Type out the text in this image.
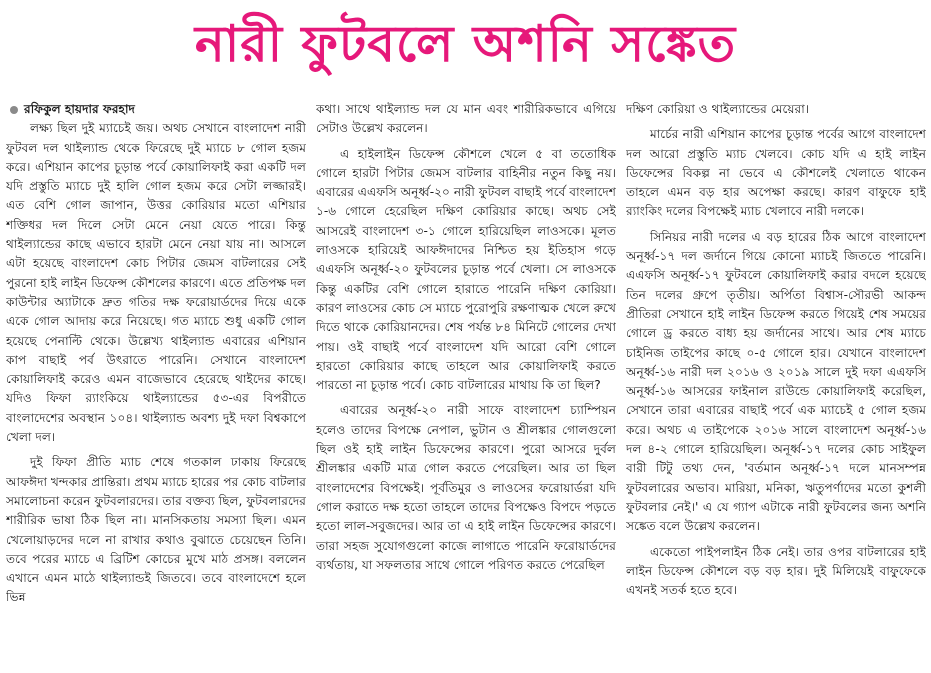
নারী ফুটবলে অশনি সঙ্কেত
রফিকুল হায়দার ফরহাদ

লক্ষ্য ছিল দুই ম্যাচেই জয়। অথচ সেখানে বাংলাদেশ নারী ফুটবল দল থাইল্যান্ড থেকে ফিরেছে দুই ম্যাচে ৮ গোল হজম করে। এশিয়ান কাপের চূড়ান্ত পর্বে কোয়ালিফাই করা একটি দল যদি প্রস্তুতি ম্যাচে দুই হালি গোল হজম করে সেটা লজ্জারই। এত বেশি গোল জাপান, উত্তর কোরিয়ার মতো এশিয়ার শক্তিধর দল দিলে সেটা মেনে নেয়া যেতে পারে। কিন্তু থাইল্যান্ডের কাছে এভাবে হারটা মেনে নেয়া যায় না। আসলে এটা হয়েছে বাংলাদেশ কোচ পিটার জেমস বাটলারের সেই পুরনো হাই লাইন ডিফেন্স কৌশলের কারণে। এতে প্রতিপক্ষ দল কাউন্টার অ্যাটাকে দ্রুত গতির দক্ষ ফরোয়ার্ডদের দিয়ে একে একে গোল আদায় করে নিয়েছে। গত ম্যাচে শুধু একটি গোল হয়েছে পেনাল্টি থেকে। উল্লেখ্য থাইল্যান্ড এবারের এশিয়ান কাপ বাছাই পর্ব উৎরাতে পারেনি। সেখানে বাংলাদেশ কোয়ালিফাই করেও এমন বাজেভাবে হেরেছে থাইদের কাছে। যদিও ফিফা র‌্যাংকিয়ে থাইল্যান্ডের ৫৩-এর বিপরীতে বাংলাদেশের অবস্থান ১০৪। থাইল্যান্ড অবশ্য দুই দফা বিশ্বকাপে খেলা দল।

দুই ফিফা প্রীতি ম্যাচ শেষে গতকাল ঢাকায় ফিরেছে আফঈদা খন্দকার প্রান্তিরা। প্রথম ম্যাচে হারের পর কোচ বাটলার সমালোচনা করেন ফুটবলারদের। তার বক্তব্য ছিল, ফুটবলারদের শারীরিক ভাষা ঠিক ছিল না। মানসিকতায় সমস্যা ছিল। এমন খেলোয়াড়দের দলে না রাখার কথাও বুঝাতে চেয়েছেন তিনি। তবে পরের ম্যাচে এ ব্রিটিশ কোচের মুখে মাঠ প্রসঙ্গ। বললেন এখানে এমন মাঠে থাইল্যান্ডই জিতবে। তবে বাংলাদেশে হলে ভিন্ন

কথা। সাথে থাইল্যান্ড দল যে মান এবং শারীরিকভাবে এগিয়ে সেটাও উল্লেখ করলেন।

এ হাইলাইন ডিফেন্স কৌশলে খেলে ৫ বা ততোধিক গোলে হারটা পিটার জেমস বাটলার বাহিনীর নতুন কিছু নয়। এবারের এএফসি অনূর্ধ্ব-২০ নারী ফুটবল বাছাই পর্বে বাংলাদেশ ১-৬ গোলে হেরেছিল দক্ষিণ কোরিয়ার কাছে। অথচ সেই আসরেই বাংলাদেশ ৩-১ গোলে হারিয়েছিল লাওসকে। মূলত লাওসকে হারিয়েই আফঈদাদের নিশ্চিত হয় ইতিহাস গড়ে এএফসি অনূর্ধ্ব-২০ ফুটবলের চূড়ান্ত পর্বে খেলা। সে লাওসকে কিন্তু একটির বেশি গোলে হারাতে পারেনি দক্ষিণ কোরিয়া। কারণ লাওসের কোচ সে ম্যাচে পুরোপুরি রক্ষণাত্মক খেলে রুখে দিতে থাকে কোরিয়ানদের। শেষ পর্যন্ত ৮৪ মিনিটে গোলের দেখা পায়। ওই বাছাই পর্বে বাংলাদেশ যদি আরো বেশি গোলে হারতো কোরিয়ার কাছে তাহলে আর কোয়ালিফাই করতে পারতো না চূড়ান্ত পর্বে। কোচ বাটলারের মাথায় কি তা ছিল?

এবারের অনূর্ধ্ব-২০ নারী সাফে বাংলাদেশ চ্যাম্পিয়ন হলেও তাদের বিপক্ষে নেপাল, ভুটান ও শ্রীলঙ্কার গোলগুলো ছিল ওই হাই লাইন ডিফেন্সের কারণে। পুরো আসরে দুর্বল শ্রীলঙ্কার একটি মাত্র গোল করতে পেরেছিল। আর তা ছিল বাংলাদেশের বিপক্ষেই। পূর্বতিমুর ও লাওসের ফরোয়ার্ডরা যদি গোল করাতে দক্ষ হতো তাহলে তাদের বিপক্ষেও বিপদে পড়তে হতো লাল-সবুজদের। আর তা এ হাই লাইন ডিফেন্সের কারণে। তারা সহজ সুযোগগুলো কাজে লাগাতে পারেনি ফরোয়ার্ডদের ব্যর্থতায়, যা সফলতার সাথে গোলে পরিণত করতে পেরেছিল

দক্ষিণ কোরিয়া ও থাইল্যান্ডের মেয়েরা।

মার্চের নারী এশিয়ান কাপের চূড়ান্ত পর্বের আগে বাংলাদেশ দল আরো প্রস্তুতি ম্যাচ খেলবে। কোচ যদি এ হাই লাইন ডিফেন্সের বিকল্প না ভেবে এ কৌশলেই খেলাতে থাকেন তাহলে এমন বড় হার অপেক্ষা করছে। কারণ বাফুফে হাই র‌্যাংকিং দলের বিপক্ষেই ম্যাচ খেলাবে নারী দলকে।

সিনিয়র নারী দলের এ বড় হারের ঠিক আগে বাংলাদেশ অনূর্ধ্ব-১৭ দল জর্দানে গিয়ে কোনো ম্যাচই জিততে পারেনি। এএফসি অনূর্ধ্ব-১৭ ফুটবলে কোয়ালিফাই করার বদলে হয়েছে তিন দলের গ্রুপে তৃতীয়। অর্পিতা বিশ্বাস-সৌরভী আকন্দ প্রীতিরা সেখানে হাই লাইন ডিফেন্স করতে গিয়েই শেষ সময়ের গোলে ড্র করতে বাধ্য হয় জর্দানের সাথে। আর শেষ ম্যাচে চাইনিজ তাইপের কাছে ০-৫ গোলে হার। যেখানে বাংলাদেশ অনূর্ধ্ব-১৬ নারী দল ২০১৬ ও ২০১৯ সালে দুই দফা এএফসি অনূর্ধ্ব-১৬ আসরের ফাইনাল রাউন্ডে কোয়ালিফাই করেছিল, সেখানে তারা এবারের বাছাই পর্বে এক ম্যাচেই ৫ গোল হজম করে। অথচ এ তাইপেকে ২০১৬ সালে বাংলাদেশ অনূর্ধ্ব-১৬ দল ৪-২ গোলে হারিয়েছিল। অনূর্ধ্ব-১৭ দলের কোচ সাইফুল বারী টিটু তথ্য দেন, 'বর্তমান অনূর্ধ্ব-১৭ দলে মানসম্পন্ন ফুটবলারের অভাব। মারিয়া, মনিকা, ঋতুপর্ণাদের মতো কুশলী ফুটবলার নেই।' এ যে গ্যাপ এটাকে নারী ফুটবলের জন্য অশনি সঙ্কেত বলে উল্লেখ করলেন।

একেতো পাইপলাইন ঠিক নেই। তার ওপর বাটলারের হাই লাইন ডিফেন্স কৌশলে বড় বড় হার। দুই মিলিয়েই বাফুফেকে এখনই সতর্ক হতে হবে।
